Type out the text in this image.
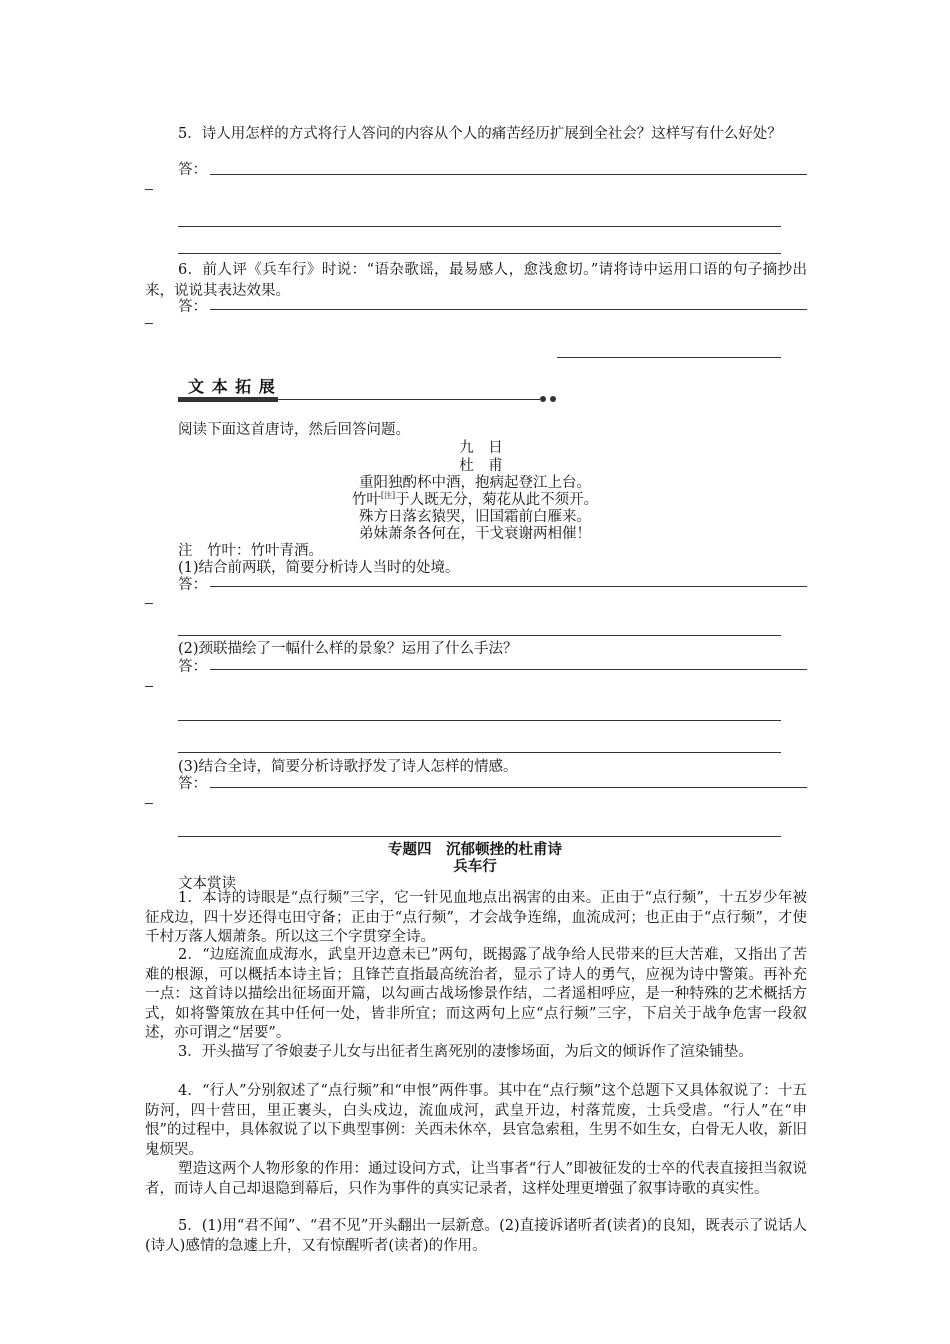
5．诗人用怎样的方式将行人答问的内容从个人的痛苦经历扩展到全社会？这样写有什么好处？
答：
6．前人评《兵车行》时说：“语杂歌谣，最易感人，愈浅愈切。”请将诗中运用口语的句子摘抄出来，说说其表达效果。
答：
文 本 拓 展
阅读下面这首唐诗，然后回答问题。
九　日
杜　甫
重阳独酌杯中酒，抱病起登江上台。
竹叶[注]于人既无分，菊花从此不须开。
殊方日落玄猿哭，旧国霜前白雁来。
弟妹萧条各何在，干戈衰谢两相催！
注　竹叶：竹叶青酒。
(1)结合前两联，简要分析诗人当时的处境。
答：
(2)颈联描绘了一幅什么样的景象？运用了什么手法？
答：
(3)结合全诗，简要分析诗歌抒发了诗人怎样的情感。
答：
专题四　沉郁顿挫的杜甫诗
兵车行
文本赏读
1．本诗的诗眼是“点行频”三字，它一针见血地点出祸害的由来。正由于“点行频”，十五岁少年被征戍边，四十岁还得屯田守备；正由于“点行频”，才会战争连绵，血流成河；也正由于“点行频”，才使千村万落人烟萧条。所以这三个字贯穿全诗。
2．“边庭流血成海水，武皇开边意未已”两句，既揭露了战争给人民带来的巨大苦难，又指出了苦难的根源，可以概括本诗主旨；且锋芒直指最高统治者，显示了诗人的勇气，应视为诗中警策。再补充一点：这首诗以描绘出征场面开篇，以勾画古战场惨景作结，二者遥相呼应，是一种特殊的艺术概括方式，如将警策放在其中任何一处，皆非所宜；而这两句上应“点行频”三字，下启关于战争危害一段叙述，亦可谓之“居要”。
3．开头描写了爷娘妻子儿女与出征者生离死别的凄惨场面，为后文的倾诉作了渲染铺垫。
4．“行人”分别叙述了“点行频”和“申恨”两件事。其中在“点行频”这个总题下又具体叙说了：十五防河，四十营田，里正裹头，白头戍边，流血成河，武皇开边，村落荒废，士兵受虐。“行人”在“申恨”的过程中，具体叙说了以下典型事例：关西未休卒，县官急索租，生男不如生女，白骨无人收，新旧鬼烦哭。
塑造这两个人物形象的作用：通过设问方式，让当事者“行人”即被征发的士卒的代表直接担当叙说者，而诗人自己却退隐到幕后，只作为事件的真实记录者，这样处理更增强了叙事诗歌的真实性。
5．(1)用“君不闻”、“君不见”开头翻出一层新意。(2)直接诉诸听者(读者)的良知，既表示了说话人(诗人)感情的急遽上升，又有惊醒听者(读者)的作用。
